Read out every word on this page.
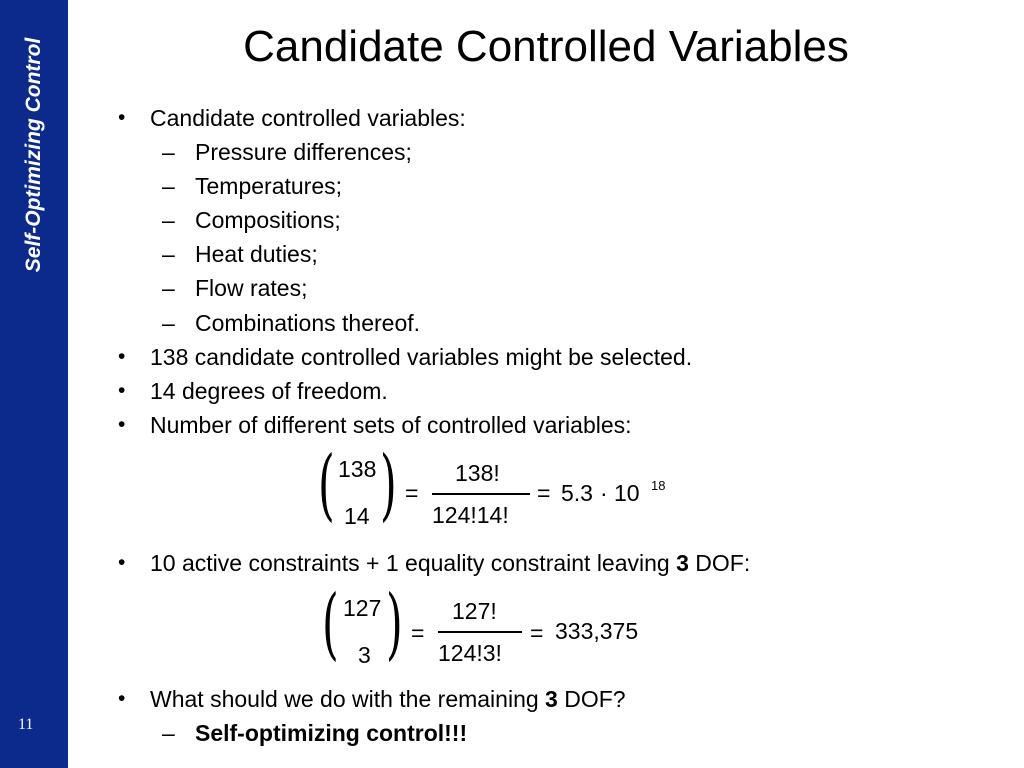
Self-Optimizing Control
11
Candidate Controlled Variables
• Candidate controlled variables:
– Pressure differences;
– Temperatures;
– Compositions;
– Heat duties;
– Flow rates;
– Combinations thereof.
• 138 candidate controlled variables might be selected.
• 14 degrees of freedom.
• Number of different sets of controlled variables:
( 138
14 ) =
138!
124!14!
= 5.3 · 10 18
• 10 active constraints + 1 equality constraint leaving 3 DOF:
( 127
3 ) =
127!
124!3!
= 333,375
• What should we do with the remaining 3 DOF?
– Self-optimizing control!!!
